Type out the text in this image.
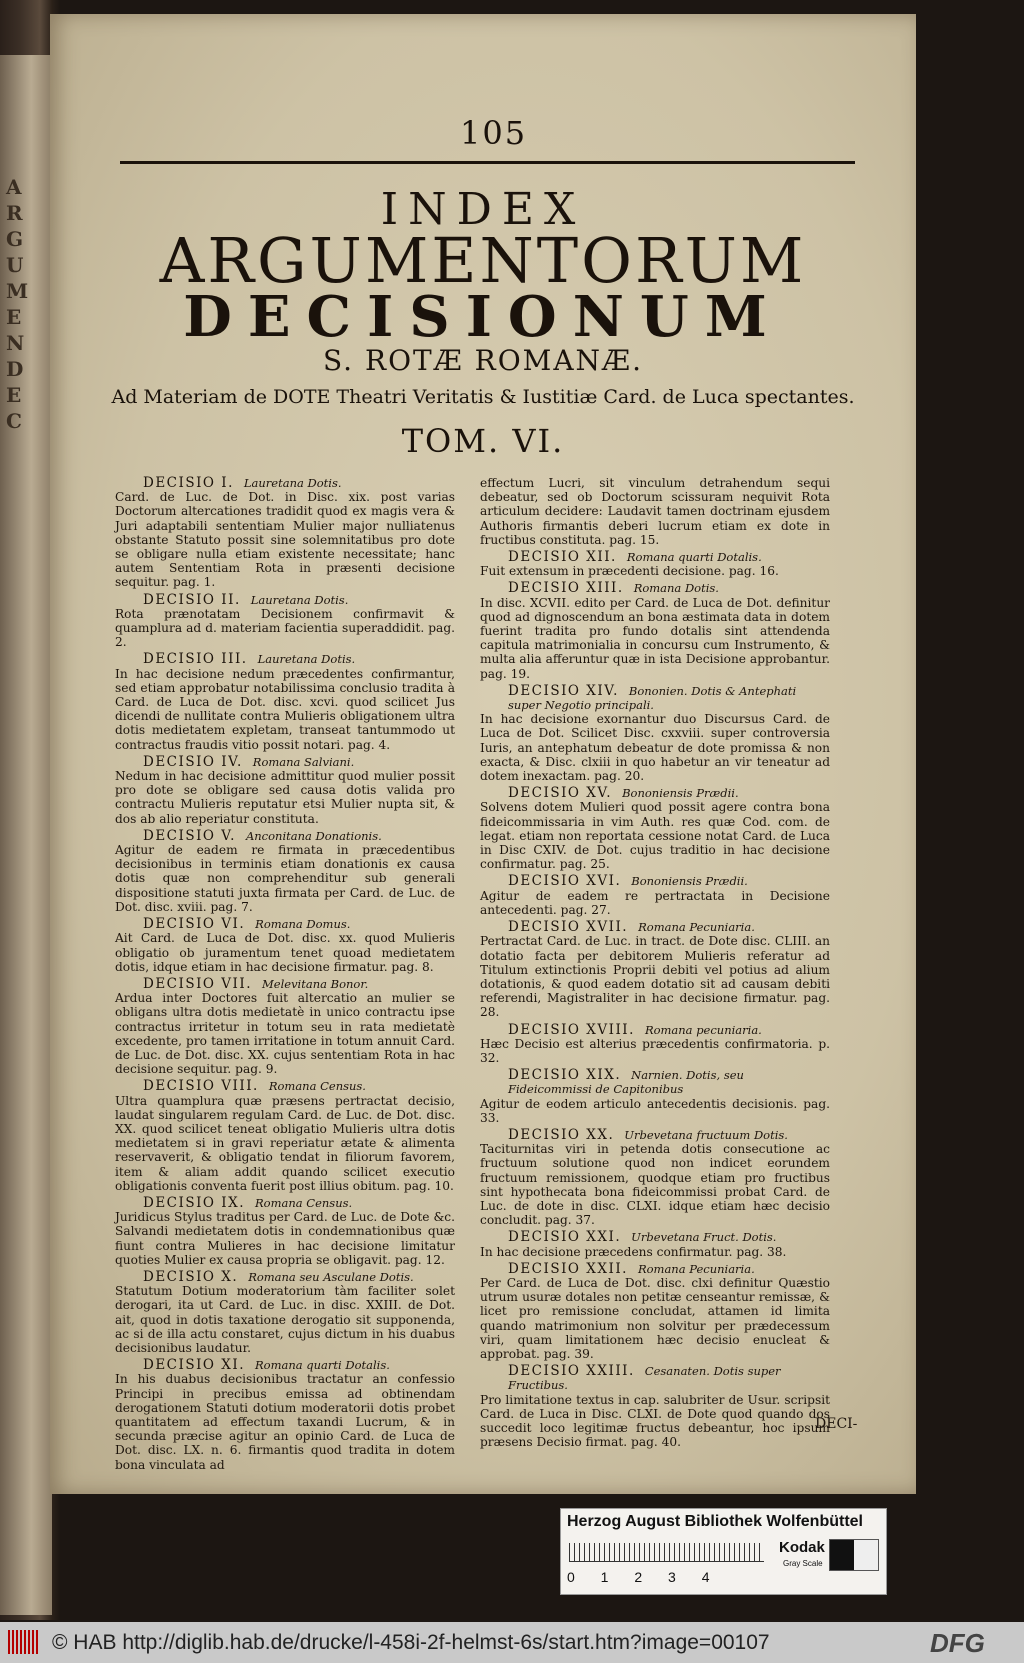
A
R
G
U
M
E
N
D
E
C
105
INDEX
ARGUMENTORUM
DECISIONUM
S. ROTÆ ROMANÆ.
Ad Materiam de DOTE Theatri Veritatis & Iustitiæ Card. de Luca spectantes.
TOM. VI.
DECISIO I. Lauretana Dotis.
Card. de Luc. de Dot. in Disc. xix. post varias Doctorum altercationes tradidit quod ex magis vera & Juri adaptabili sententiam Mulier major nulliatenus obstante Statuto possit sine solemnitatibus pro dote se obligare nulla etiam existente necessitate; hanc autem Sententiam Rota in præsenti decisione sequitur. pag. 1.
DECISIO II. Lauretana Dotis.
Rota prænotatam Decisionem confirmavit & quamplura ad d. materiam facientia superaddidit. pag. 2.
DECISIO III. Lauretana Dotis.
In hac decisione nedum præcedentes confirmantur, sed etiam approbatur notabilissima conclusio tradita à Card. de Luca de Dot. disc. xcvi. quod scilicet Jus dicendi de nullitate contra Mulieris obligationem ultra dotis medietatem expletam, transeat tantummodo ut contractus fraudis vitio possit notari. pag. 4.
DECISIO IV. Romana Salviani.
Nedum in hac decisione admittitur quod mulier possit pro dote se obligare sed causa dotis valida pro contractu Mulieris reputatur etsi Mulier nupta sit, & dos ab alio reperiatur constituta.
DECISIO V. Anconitana Donationis.
Agitur de eadem re firmata in præcedentibus decisionibus in terminis etiam donationis ex causa dotis quæ non comprehenditur sub generali dispositione statuti juxta firmata per Card. de Luc. de Dot. disc. xviii. pag. 7.
DECISIO VI. Romana Domus.
Ait Card. de Luca de Dot. disc. xx. quod Mulieris obligatio ob juramentum tenet quoad medietatem dotis, idque etiam in hac decisione firmatur. pag. 8.
DECISIO VII. Melevitana Bonor.
Ardua inter Doctores fuit altercatio an mulier se obligans ultra dotis medietatè in unico contractu ipse contractus irritetur in totum seu in rata medietatè excedente, pro tamen irritatione in totum annuit Card. de Luc. de Dot. disc. XX. cujus sententiam Rota in hac decisione sequitur. pag. 9.
DECISIO VIII. Romana Census.
Ultra quamplura quæ præsens pertractat decisio, laudat singularem regulam Card. de Luc. de Dot. disc. XX. quod scilicet teneat obligatio Mulieris ultra dotis medietatem si in gravi reperiatur ætate & alimenta reservaverit, & obligatio tendat in filiorum favorem, item & aliam addit quando scilicet executio obligationis conventa fuerit post illius obitum. pag. 10.
DECISIO IX. Romana Census.
Juridicus Stylus traditus per Card. de Luc. de Dote &c. Salvandi medietatem dotis in condemnationibus quæ fiunt contra Mulieres in hac decisione limitatur quoties Mulier ex causa propria se obligavit. pag. 12.
DECISIO X. Romana seu Asculane Dotis.
Statutum Dotium moderatorium tàm faciliter solet derogari, ita ut Card. de Luc. in disc. XXIII. de Dot. ait, quod in dotis taxatione derogatio sit supponenda, ac si de illa actu constaret, cujus dictum in his duabus decisionibus laudatur.
DECISIO XI. Romana quarti Dotalis.
In his duabus decisionibus tractatur an confessio Principi in precibus emissa ad obtinendam derogationem Statuti dotium moderatorii dotis probet quantitatem ad effectum taxandi Lucrum, & in secunda præcise agitur an opinio Card. de Luca de Dot. disc. LX. n. 6. firmantis quod tradita in dotem bona vinculata ad
effectum Lucri, sit vinculum detrahendum sequi debeatur, sed ob Doctorum scissuram nequivit Rota articulum decidere: Laudavit tamen doctrinam ejusdem Authoris firmantis deberi lucrum etiam ex dote in fructibus constituta. pag. 15.
DECISIO XII. Romana quarti Dotalis.
Fuit extensum in præcedenti decisione. pag. 16.
DECISIO XIII. Romana Dotis.
In disc. XCVII. edito per Card. de Luca de Dot. definitur quod ad dignoscendum an bona æstimata data in dotem fuerint tradita pro fundo dotalis sint attendenda capitula matrimonialia in concursu cum Instrumento, & multa alia afferuntur quæ in ista Decisione approbantur. pag. 19.
DECISIO XIV. Bononien. Dotis & Antephati super Negotio principali.
In hac decisione exornantur duo Discursus Card. de Luca de Dot. Scilicet Disc. cxxviii. super controversia Iuris, an antephatum debeatur de dote promissa & non exacta, & Disc. clxiii in quo habetur an vir teneatur ad dotem inexactam. pag. 20.
DECISIO XV. Bononiensis Prædii.
Solvens dotem Mulieri quod possit agere contra bona fideicommissaria in vim Auth. res quæ Cod. com. de legat. etiam non reportata cessione notat Card. de Luca in Disc CXIV. de Dot. cujus traditio in hac decisione confirmatur. pag. 25.
DECISIO XVI. Bononiensis Prædii.
Agitur de eadem re pertractata in Decisione antecedenti. pag. 27.
DECISIO XVII. Romana Pecuniaria.
Pertractat Card. de Luc. in tract. de Dote disc. CLIII. an dotatio facta per debitorem Mulieris referatur ad Titulum extinctionis Proprii debiti vel potius ad alium dotationis, & quod eadem dotatio sit ad causam debiti referendi, Magistraliter in hac decisione firmatur. pag. 28.
DECISIO XVIII. Romana pecuniaria.
Hæc Decisio est alterius præcedentis confirmatoria. p. 32.
DECISIO XIX. Narnien. Dotis, seu Fideicommissi de Capitonibus
Agitur de eodem articulo antecedentis decisionis. pag. 33.
DECISIO XX. Urbevetana fructuum Dotis.
Taciturnitas viri in petenda dotis consecutione ac fructuum solutione quod non indicet eorundem fructuum remissionem, quodque etiam pro fructibus sint hypothecata bona fideicommissi probat Card. de Luc. de dote in disc. CLXI. idque etiam hæc decisio concludit. pag. 37.
DECISIO XXI. Urbevetana Fruct. Dotis.
In hac decisione præcedens confirmatur. pag. 38.
DECISIO XXII. Romana Pecuniaria.
Per Card. de Luca de Dot. disc. clxi definitur Quæstio utrum usuræ dotales non petitæ censeantur remissæ, & licet pro remissione concludat, attamen id limita quando matrimonium non solvitur per prædecessum viri, quam limitationem hæc decisio enucleat & approbat. pag. 39.
DECISIO XXIII. Cesanaten. Dotis super Fructibus.
Pro limitatione textus in cap. salubriter de Usur. scripsit Card. de Luca in Disc. CLXI. de Dote quod quando dos succedit loco legitimæ fructus debeantur, hoc ipsum præsens Decisio firmat. pag. 40.
DECI-
Herzog August Bibliothek Wolfenbüttel
0 1 2 3 4
Kodak
Gray Scale
© HAB http://diglib.hab.de/drucke/l-458i-2f-helmst-6s/start.htm?image=00107	DFG
